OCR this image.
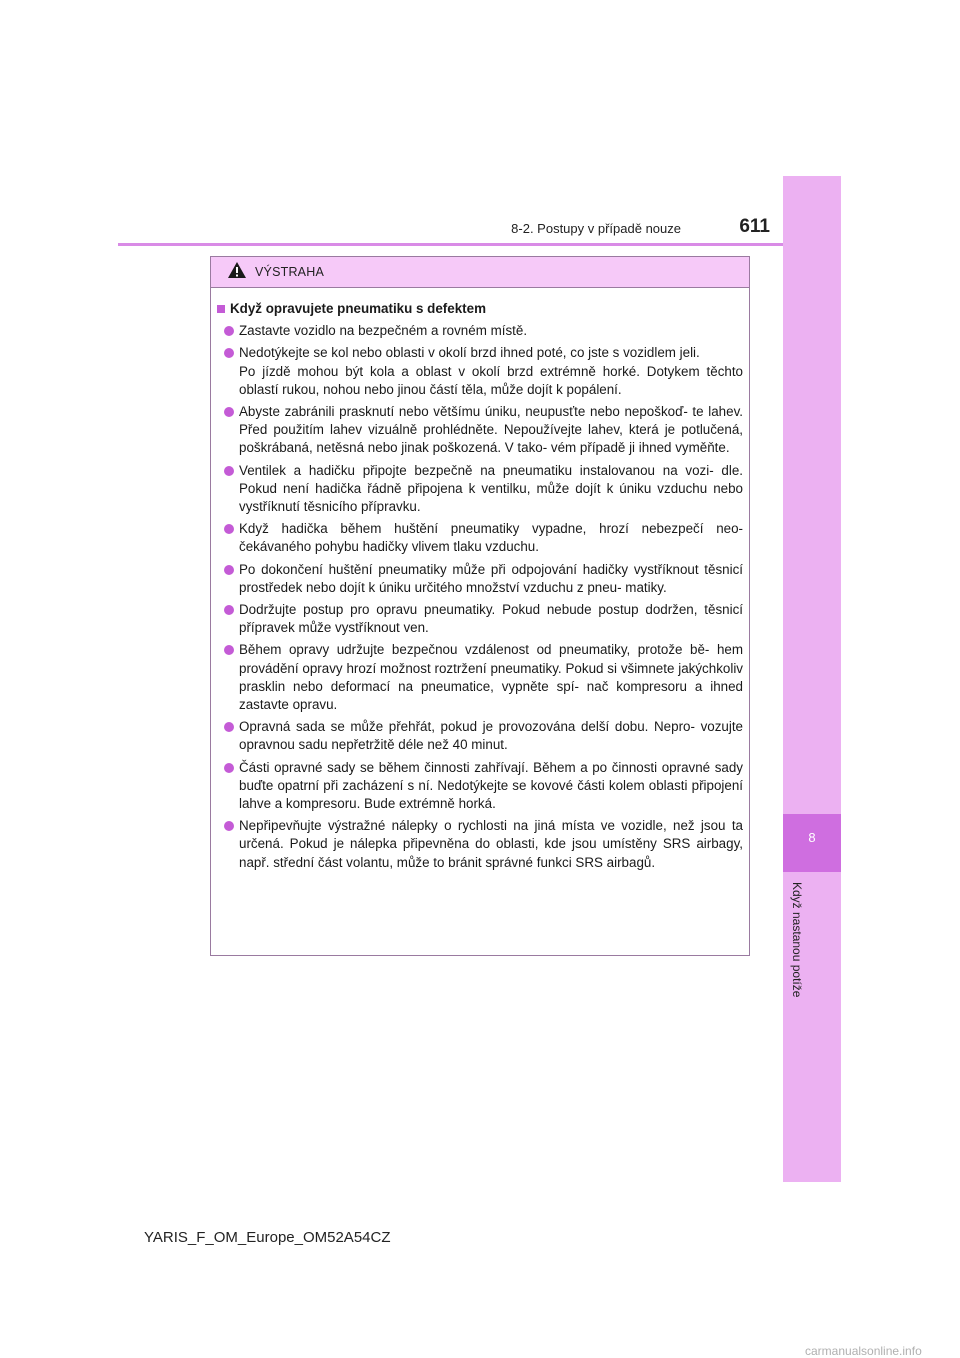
8
Když nastanou potíže
8-2. Postupy v případě nouze	611
VÝSTRAHA
Když opravujete pneumatiku s defektem
Zastavte vozidlo na bezpečném a rovném místě.
Nedotýkejte se kol nebo oblasti v okolí brzd ihned poté, co jste s vozidlem jeli.
Po jízdě mohou být kola a oblast v okolí brzd extrémně horké. Dotykem těchto oblastí rukou, nohou nebo jinou částí těla, může dojít k popálení.
Abyste zabránili prasknutí nebo většímu úniku, neupusťte nebo nepoškoď- te lahev. Před použitím lahev vizuálně prohlédněte. Nepoužívejte lahev, která je potlučená, poškrábaná, netěsná nebo jinak poškozená. V tako- vém případě ji ihned vyměňte.
Ventilek a hadičku připojte bezpečně na pneumatiku instalovanou na vozi- dle. Pokud není hadička řádně připojena k ventilku, může dojít k úniku vzduchu nebo vystříknutí těsnicího přípravku.
Když hadička během huštění pneumatiky vypadne, hrozí nebezpečí neo- čekávaného pohybu hadičky vlivem tlaku vzduchu.
Po dokončení huštění pneumatiky může při odpojování hadičky vystříknout těsnicí prostředek nebo dojít k úniku určitého množství vzduchu z pneu- matiky.
Dodržujte postup pro opravu pneumatiky. Pokud nebude postup dodržen, těsnicí přípravek může vystříknout ven.
Během opravy udržujte bezpečnou vzdálenost od pneumatiky, protože bě- hem provádění opravy hrozí možnost roztržení pneumatiky. Pokud si všimnete jakýchkoliv prasklin nebo deformací na pneumatice, vypněte spí- nač kompresoru a ihned zastavte opravu.
Opravná sada se může přehřát, pokud je provozována delší dobu. Nepro- vozujte opravnou sadu nepřetržitě déle než 40 minut.
Části opravné sady se během činnosti zahřívají. Během a po činnosti opravné sady buďte opatrní při zacházení s ní. Nedotýkejte se kovové části kolem oblasti připojení lahve a kompresoru. Bude extrémně horká.
Nepřipevňujte výstražné nálepky o rychlosti na jiná místa ve vozidle, než jsou ta určená. Pokud je nálepka připevněna do oblasti, kde jsou umístěny SRS airbagy, např. střední část volantu, může to bránit správné funkci SRS airbagů.
YARIS_F_OM_Europe_OM52A54CZ
carmanualsonline.info
